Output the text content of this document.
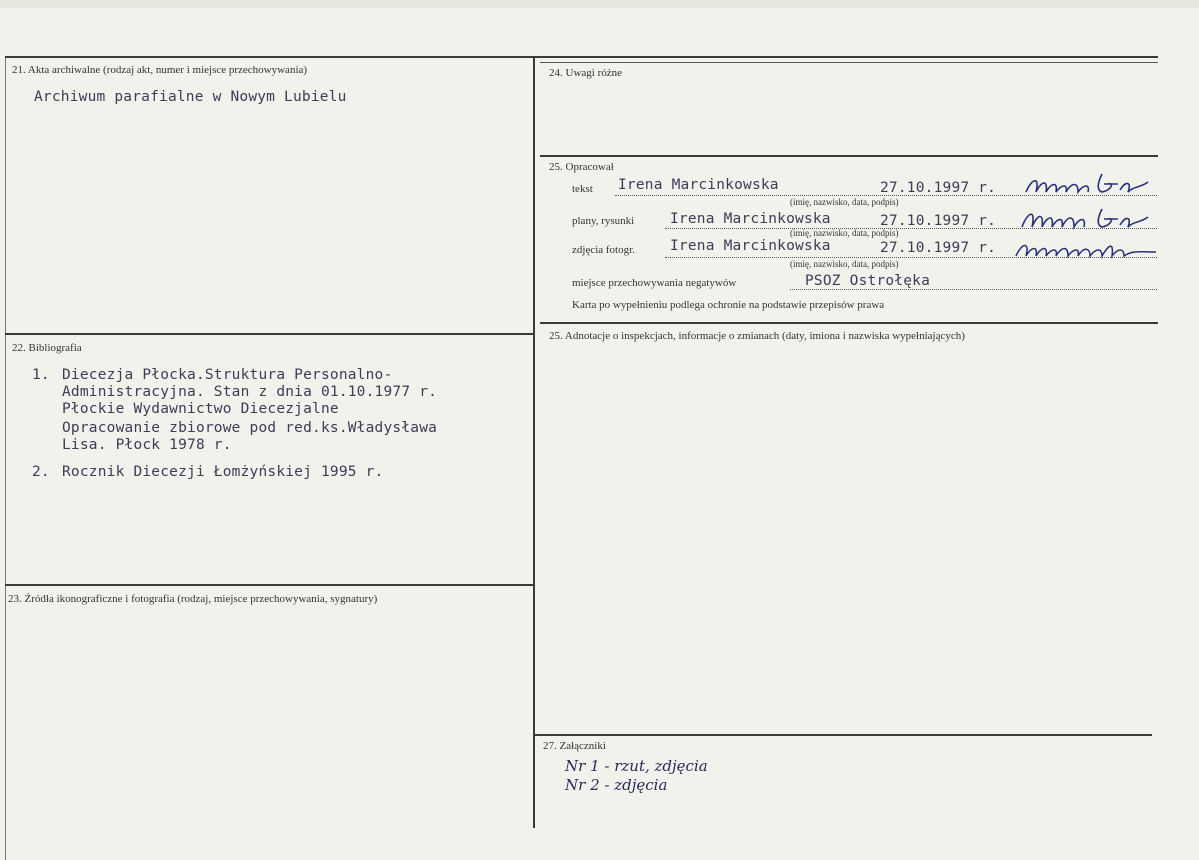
21. Akta archiwalne (rodzaj akt, numer i miejsce przechowywania)
Archiwum parafialne w Nowym Lubielu
22. Bibliografia
1. Diecezja Płocka.Struktura Personalno-
Administracyjna. Stan z dnia 01.10.1977 r.
Płockie Wydawnictwo Diecezjalne
Opracowanie zbiorowe pod red.ks.Władysława
Lisa. Płock 1978 r.
2. Rocznik Diecezji Łomżyńskiej 1995 r.
23. Źródła ikonograficzne i fotografia (rodzaj, miejsce przechowywania, sygnatury)
24. Uwagi różne
25. Opracował
tekst Irena Marcinkowska	27.10.1997 r.
(imię, nazwisko, data, podpis)
plany, rysunki Irena Marcinkowska	27.10.1997 r.
(imię, nazwisko, data, podpis)
zdjęcia fotogr. Irena Marcinkowska	27.10.1997 r.
(imię, nazwisko, data, podpis)
miejsce przechowywania negatywów	PSOZ Ostrołęka
Karta po wypełnieniu podlega ochronie na podstawie przepisów prawa
25. Adnotacje o inspekcjach, informacje o zmianach (daty, imiona i nazwiska wypełniających)
27. Załączniki
Nr 1 - rzut, zdjęcia
Nr 2 - zdjęcia
